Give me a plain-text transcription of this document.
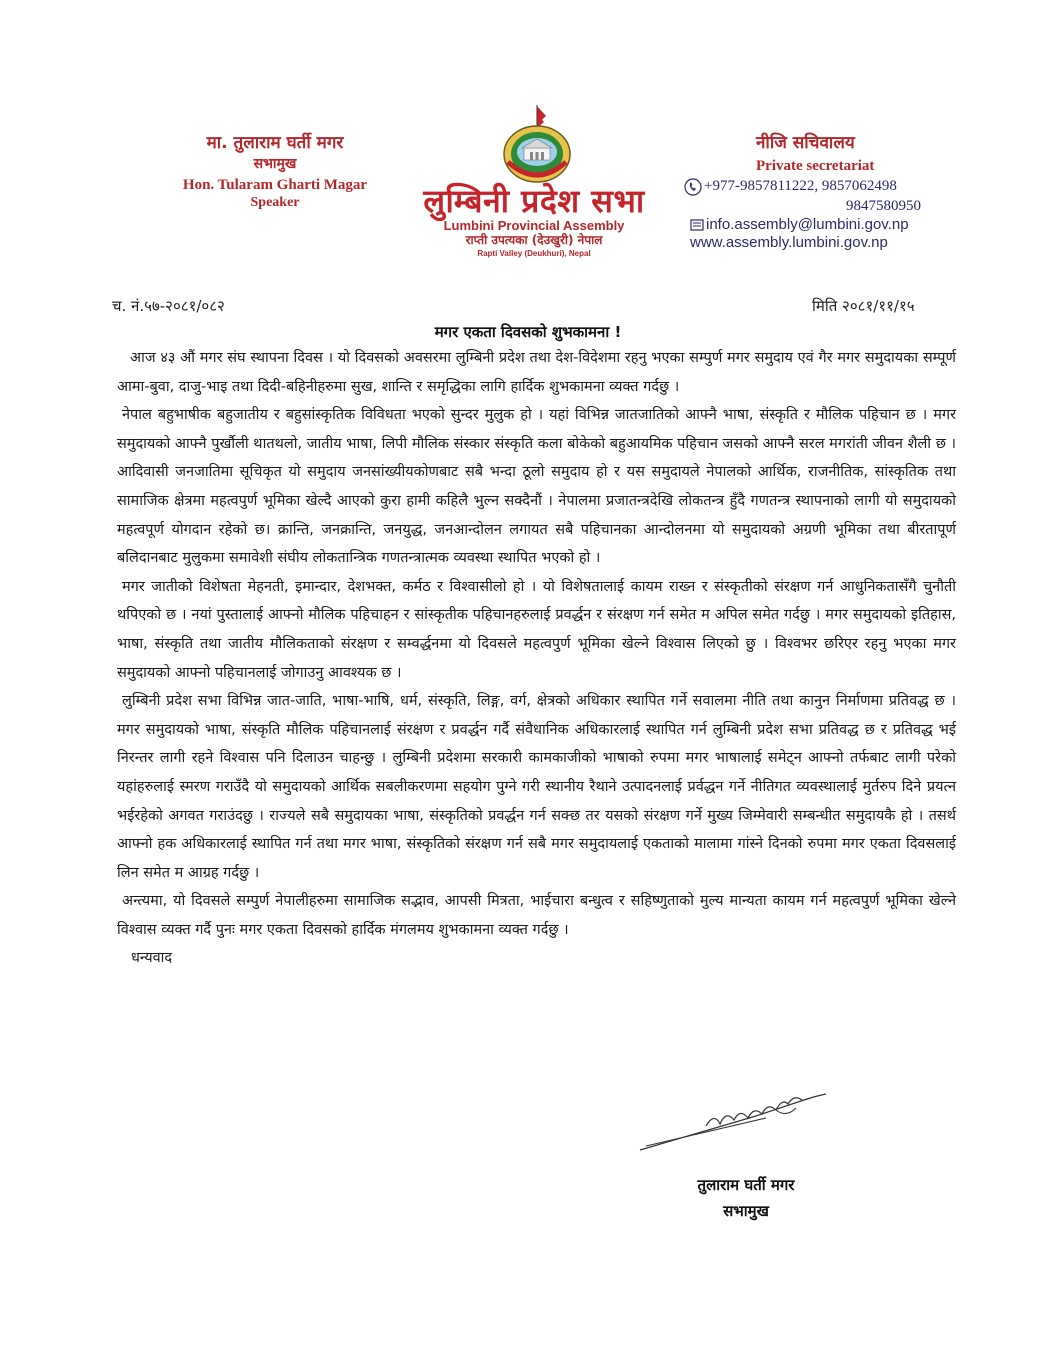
मा. तुलाराम घर्ती मगर
सभामुख
Hon. Tularam Gharti Magar
Speaker	लुम्बिनी प्रदेश सभा
Lumbini Provincial Assembly
राप्ती उपत्यका (देउखुरी) नेपाल
Rapti Valley (Deukhuri), Nepal
नीजि सचिवालय
Private secretariat
+977-9857811222, 9857062498
9847580950
info.assembly@lumbini.gov.np
www.assembly.lumbini.gov.np
च. नं.५७-२०८१/०८२	मिति २०८१/११/१५
मगर एकता दिवसको शुभकामना !

आज ४३ औं मगर संघ स्थापना दिवस । यो दिवसको अवसरमा लुम्बिनी प्रदेश तथा देश-विदेशमा रहनु भएका सम्पुर्ण मगर समुदाय एवं गैर मगर समुदायका सम्पूर्ण आमा-बुवा, दाजु-भाइ तथा दिदी-बहिनीहरुमा सुख, शान्ति र समृद्धिका लागि हार्दिक शुभकामना व्यक्त गर्दछु ।

नेपाल बहुभाषीक बहुजातीय र बहुसांस्कृतिक विविधता भएको सुन्दर मुलुक हो । यहां विभिन्न जातजातिको आफ्नै भाषा, संस्कृति र मौलिक पहिचान छ । मगर समुदायको आफ्नै पुर्खौली थातथलो, जातीय भाषा, लिपी मौलिक संस्कार संस्कृति कला बोकेको बहुआयमिक पहिचान जसको आफ्नै सरल मगरांती जीवन शैली छ । आदिवासी जनजातिमा सूचिकृत यो समुदाय जनसांख्यीयकोणबाट सबै भन्दा ठूलो समुदाय हो र यस समुदायले नेपालको आर्थिक, राजनीतिक, सांस्कृतिक तथा सामाजिक क्षेत्रमा महत्वपुर्ण भूमिका खेल्दै आएको कुरा हामी कहिलै भुल्न सक्दैनौं । नेपालमा प्रजातन्त्रदेखि लोकतन्त्र हुँदै गणतन्त्र स्थापनाको लागी यो समुदायको महत्वपूर्ण योगदान रहेको छ। क्रान्ति, जनक्रान्ति, जनयुद्ध, जनआन्दोलन लगायत सबै पहिचानका आन्दोलनमा यो समुदायको अग्रणी भूमिका तथा बीरतापूर्ण बलिदानबाट मुलुकमा समावेशी संघीय लोकतान्त्रिक गणतन्त्रात्मक व्यवस्था स्थापित भएको हो ।

मगर जातीको विशेषता मेहनती, इमान्दार, देशभक्त, कर्मठ र विश्वासीलो हो । यो विशेषतालाई कायम राख्न र संस्कृतीको संरक्षण गर्न आधुनिकतासँगै चुनौती थपिएको छ । नयां पुस्तालाई आफ्नो मौलिक पहिचाहन र सांस्कृतीक पहिचानहरुलाई प्रवर्द्धन र संरक्षण गर्न समेत म अपिल समेत गर्दछु । मगर समुदायको इतिहास, भाषा, संस्कृति तथा जातीय मौलिकताको संरक्षण र सम्वर्द्धनमा यो दिवसले महत्वपुर्ण भूमिका खेल्ने विश्वास लिएको छु । विश्वभर छरिएर रहनु भएका मगर समुदायको आफ्नो पहिचानलाई जोगाउनु आवश्यक छ ।

लुम्बिनी प्रदेश सभा विभिन्न जात-जाति, भाषा-भाषि, धर्म, संस्कृति, लिङ्ग, वर्ग, क्षेत्रको अधिकार स्थापित गर्ने सवालमा नीति तथा कानुन निर्माणमा प्रतिवद्ध छ । मगर समुदायको भाषा, संस्कृति मौलिक पहिचानलाई संरक्षण र प्रवर्द्धन गर्दै संवैधानिक अधिकारलाई स्थापित गर्न लुम्बिनी प्रदेश सभा प्रतिवद्ध छ र प्रतिवद्ध भई निरन्तर लागी रहने विश्वास पनि दिलाउन चाहन्छु । लुम्बिनी प्रदेशमा सरकारी कामकाजीको भाषाको रुपमा मगर भाषालाई समेट्न आफ्नो तर्फबाट लागी परेको यहांहरुलाई स्मरण गराउँदै यो समुदायको आर्थिक सबलीकरणमा सहयोग पुग्ने गरी स्थानीय रैथाने उत्पादनलाई प्रर्वद्धन गर्ने नीतिगत व्यवस्थालाई मुर्तरुप दिने प्रयत्न भईरहेको अगवत गराउंदछु । राज्यले सबै समुदायका भाषा, संस्कृतिको प्रवर्द्धन गर्न सक्छ तर यसको संरक्षण गर्ने मुख्य जिम्मेवारी सम्बन्धीत समुदायकै हो । तसर्थ आफ्नो हक अधिकारलाई स्थापित गर्न तथा मगर भाषा, संस्कृतिको संरक्षण गर्न सबै मगर समुदायलाई एकताको मालामा गांस्ने दिनको रुपमा मगर एकता दिवसलाई लिन समेत म आग्रह गर्दछु ।

अन्त्यमा, यो दिवसले सम्पुर्ण नेपालीहरुमा सामाजिक सद्भाव, आपसी मित्रता, भाईचारा बन्धुत्व र सहिष्णुताको मुल्य मान्यता कायम गर्न महत्वपुर्ण भूमिका खेल्ने विश्वास व्यक्त गर्दै पुनः मगर एकता दिवसको हार्दिक मंगलमय शुभकामना व्यक्त गर्दछु ।

धन्यवाद

तुलाराम घर्ती मगर
सभामुख
